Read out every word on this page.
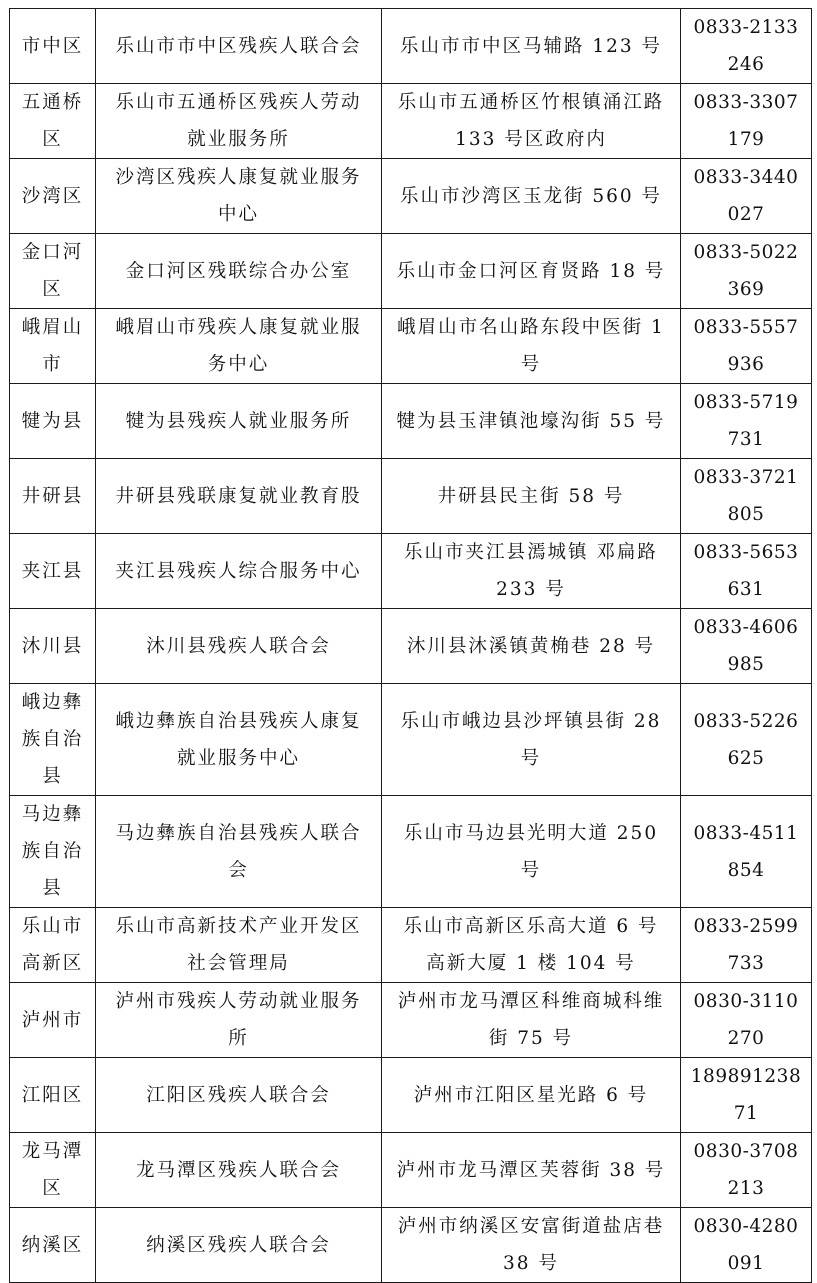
市中区	乐山市市中区残疾人联合会	乐山市市中区马辅路 123 号	0833-2133246
五通桥区	乐山市五通桥区残疾人劳动就业服务所	乐山市五通桥区竹根镇涌江路 133 号区政府内	0833-3307179
沙湾区	沙湾区残疾人康复就业服务中心	乐山市沙湾区玉龙街 560 号	0833-3440027
金口河区	金口河区残联综合办公室	乐山市金口河区育贤路 18 号	0833-5022369
峨眉山市	峨眉山市残疾人康复就业服务中心	峨眉山市名山路东段中医街 1 号	0833-5557936
犍为县	犍为县残疾人就业服务所	犍为县玉津镇池壕沟街 55 号	0833-5719731
井研县	井研县残联康复就业教育股	井研县民主街 58 号	0833-3721805
夹江县	夹江县残疾人综合服务中心	乐山市夹江县漹城镇 邓扁路 233 号	0833-5653631
沐川县	沐川县残疾人联合会	沐川县沐溪镇黄桷巷 28 号	0833-4606985
峨边彝族自治县	峨边彝族自治县残疾人康复就业服务中心	乐山市峨边县沙坪镇县街 28 号	0833-5226625
马边彝族自治县	马边彝族自治县残疾人联合会	乐山市马边县光明大道 250 号	0833-4511854
乐山市高新区	乐山市高新技术产业开发区社会管理局	乐山市高新区乐高大道 6 号 高新大厦 1 楼 104 号	0833-2599733
泸州市	泸州市残疾人劳动就业服务所	泸州市龙马潭区科维商城科维街 75 号	0830-3110270
江阳区	江阳区残疾人联合会	泸州市江阳区星光路 6 号	18989123871
龙马潭区	龙马潭区残疾人联合会	泸州市龙马潭区芙蓉街 38 号	0830-3708213
纳溪区	纳溪区残疾人联合会	泸州市纳溪区安富街道盐店巷 38 号	0830-4280091
